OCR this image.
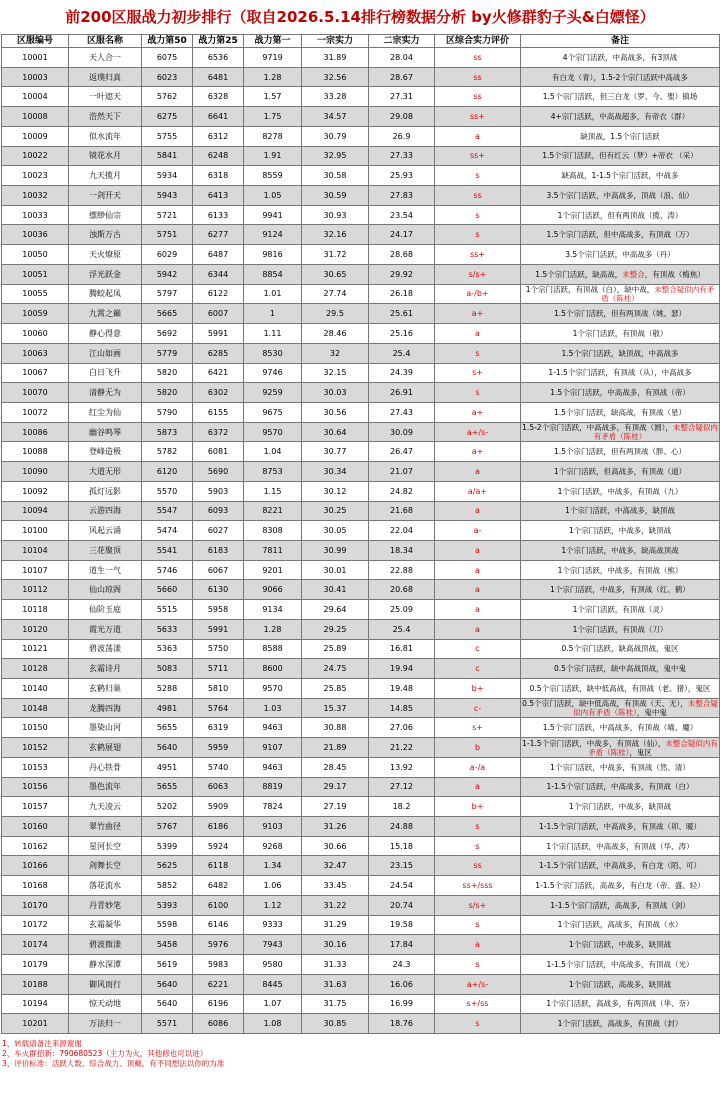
前200区服战力初步排行（取自2026.5.14排行榜数据分析 by火修群豹子头&白嫖怪）
区服编号	区服名称	战力第50	战力第25	战力第一	一宗实力	二宗实力	区综合实力评价	备注
10001	天人合一	6075	6536	9719	31.89	28.04	ss	4个宗门活跃，中高战多，有3顶战
10003	返璞归真	6023	6481	1.28	32.56	28.67	ss	有白龙（青），1.5-2个宗门活跃中高战多
10004	一叶遮天	5762	6328	1.57	33.28	27.31	ss	1.5个宗门活跃，但三白龙（罗、今、聖）镇场
10008	浩然天下	6275	6641	1.75	34.57	29.08	ss+	4+宗门活跃，中高战超多，有帝衣（群）
10009	似水流年	5755	6312	8278	30.79	26.9	a	缺顶战，1.5个宗门活跃
10022	镜花水月	5841	6248	1.91	32.95	27.33	ss+	1.5个宗门活跃，但有红云（梦）+帝衣 （采）
10023	九天揽月	5934	6318	8559	30.58	25.93	s	缺高战，1-1.5个宗门活跃，中战多
10032	一剑开天	5943	6413	1.05	30.59	27.83	ss	3.5个宗门活跃，中高战多，顶战（浪、仙）
10033	缥缈仙宗	5721	6133	9941	30.93	23.54	s	1个宗门活跃，但有两顶战（揽、涛）
10036	浊斯万古	5751	6277	9124	32.16	24.17	s	1.5个宗门活跃，但中高战多，有顶战（万）
10050	天火燎原	6029	6487	9816	31.72	28.68	ss+	3.5个宗门活跃，中高战多（丹）
10051	浮光跃金	5942	6344	8854	30.65	29.92	s/s+	1.5个宗门活跃，缺高战，未整合，有顶战（梅焦）
10055	腾蛟起凤	5797	6122	1.01	27.74	26.18	a-/b+	1个宗门活跃，有顶战（白），缺中战，未整合疑似内有矛盾（陈桂）
10059	九霄之巅	5665	6007	1	29.5	25.61	a+	1.5个宗门活跃，但有两顶战（姚、瑟）
10060	静心得意	5692	5991	1.11	28.46	25.16	a	1个宗门活跃，有顶战（敬）
10063	江山如画	5779	6285	8530	32	25.4	s	1.5个宗门活跃，缺顶战，中高战多
10067	白日飞升	5820	6421	9746	32.15	24.39	s+	1-1.5个宗门活跃，有顶战（从），中高战多
10070	清静无为	5820	6302	9259	30.03	26.91	s	1.5个宗门活跃，中高战多，有顶战（帝）
10072	红尘为仙	5790	6155	9675	30.56	27.43	a+	1.5个宗门活跃，缺高战，有顶战（星）
10086	幽谷鸣琴	5873	6372	9570	30.64	30.09	a+/s-	1.5-2个宗门活跃，中高战多，有顶战（圆），未整合疑似内有矛盾（陈桂）
10088	登峰造极	5782	6081	1.04	30.77	26.47	a+	1.5个宗门活跃，但有两顶战（胖、心）
10090	大道无形	6120	5690	8753	30.34	21.07	a	1个宗门活跃，但高战多，有顶战（道）
10092	孤灯远影	5570	5903	1.15	30.12	24.82	a/a+	1个宗门活跃，中战多，有顶战（九）
10094	云游四海	5547	6093	8221	30.25	21.68	a	1个宗门活跃，中高战多，缺顶战
10100	风起云涌	5474	6027	8308	30.05	22.04	a-	1个宗门活跃，中战多，缺顶战
10104	三花聚顶	5541	6183	7811	30.99	18.34	a	1个宗门活跃，中战多，缺高战顶战
10107	道生一气	5746	6067	9201	30.01	22.88	a	1个宗门活跃，中战多，有顶战（熊）
10112	仙山琼阁	5660	6130	9066	30.41	20.68	a	1个宗门活跃，中战多，有顶战（红、鹤）
10118	仙阶玉庭	5515	5958	9134	29.64	25.09	a	1个宗门活跃，有顶战（灵）
10120	霞光万道	5633	5991	1.28	29.25	25.4	a	1个宗门活跃，有顶战（刀）
10121	碧波荡漾	5363	5750	8588	25.89	16.81	c	0.5个宗门活跃，缺高战顶战，鬼区
10128	玄霜诗月	5083	5711	8600	24.75	19.94	c	0.5个宗门活跃，缺中高战顶战，鬼中鬼
10140	玄鹤归巢	5288	5810	9570	25.85	19.48	b+	0.5个宗门活跃，缺中低高战，有顶战（老、猪），鬼区
10148	龙腾四海	4981	5764	1.03	15.37	14.85	c-	0.5个宗门活跃，缺中低高战，有顶战（天、无），未整合疑似内有矛盾（陈桂），鬼中鬼
10150	墨染山河	5655	6319	9463	30.88	27.06	s+	1.5个宗门活跃，中高战多，有顶战（喵、魔）
10152	玄鹤展翅	5640	5959	9107	21.89	21.22	b	1-1.5个宗门活跃，中战多，有顶战（仙），未整合疑似内有矛盾（陈桂），鬼区
10153	丹心铁骨	4951	5740	9463	28.45	13.92	a-/a	1个宗门活跃，中战多，有顶战（然、清）
10156	墨色流年	5655	6063	8819	29.17	27.12	a	1-1.5个宗门活跃，中高战多，有顶战（白）
10157	九天凌云	5202	5909	7824	27.19	18.2	b+	1个宗门活跃，中战多，缺顶战
10160	翠竹曲径	5767	6186	9103	31.26	24.88	s	1-1.5个宗门活跃，中高战多，有顶战（卯、暖）
10162	星河长空	5399	5924	9268	30.66	15.18	s	1个宗门活跃，中高战多，有顶战（华、涛）
10166	剑舞长空	5625	6118	1.34	32.47	23.15	ss	1-1.5个宗门活跃，中高战多，有白龙（陌、可）
10168	落花流水	5852	6482	1.06	33.45	24.54	ss+/sss	1-1.5个宗门活跃，高战多，有白龙（帝、盛、轻）
10170	丹青妙笔	5393	6100	1.12	31.22	20.74	s/s+	1-1.5个宗门活跃，高战多，有顶战（剑）
10172	玄霜凝华	5598	6146	9333	31.29	19.58	s	1个宗门活跃，高战多，有顶战（水）
10174	碧波微漾	5458	5976	7943	30.16	17.84	a	1个宗门活跃，中战多，缺顶战
10179	静水深潭	5619	5983	9580	31.33	24.3	s	1-1.5个宗门活跃，中高战多，有顶战（光）
10188	御风而行	5640	6221	8445	31.63	16.06	a+/s-	1个宗门活跃，高战多，缺顶战
10194	惊天动地	5640	6196	1.07	31.75	16.99	s+/ss	1个宗门活跃，高战多，有两顶战（芈、奈）
10201	万法归一	5571	6086	1.08	30.85	18.76	s	1个宗门活跃，高战多，有顶战（封）
1、转载请备注来源谢谢
2、车火群招新：790680523（主力为火，其他修也可以进）
3、评价标准：活跃人数、综合战力、顶戴，有不同想法以你的为准
